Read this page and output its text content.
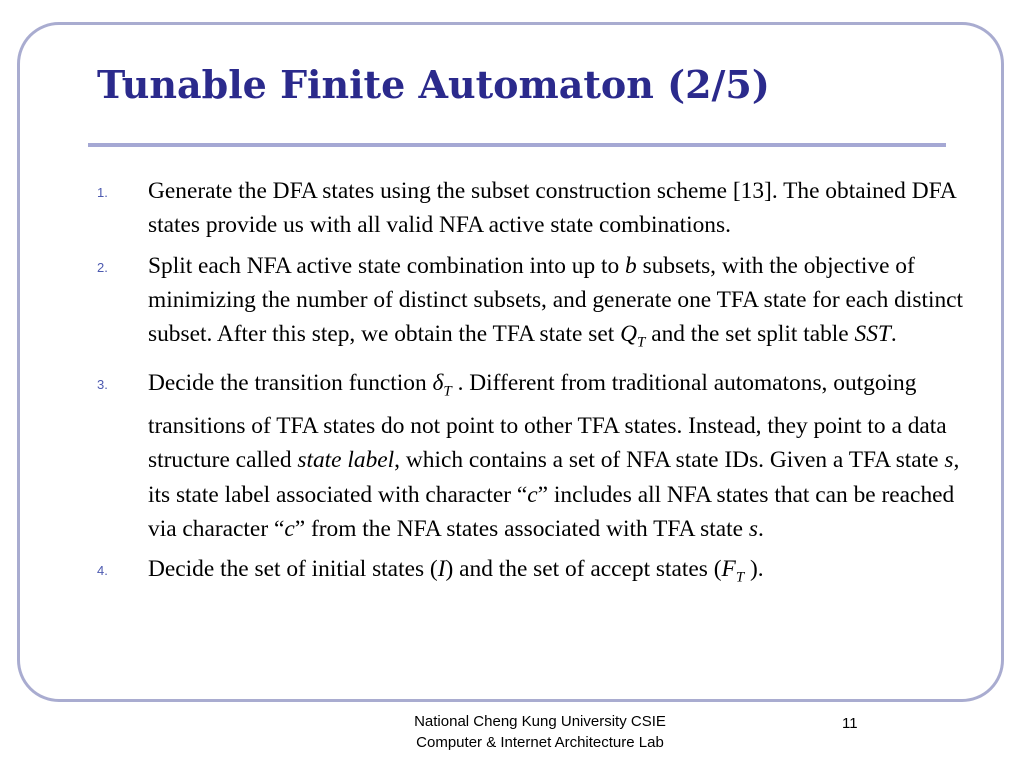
Tunable Finite Automaton (2/5)
1.	Generate the DFA states using the subset construction scheme [13]. The obtained DFA states provide us with all valid NFA active state combinations.
2.	Split each NFA active state combination into up to b subsets, with the objective of minimizing the number of distinct subsets, and generate one TFA state for each distinct subset. After this step, we obtain the TFA state set $Q_T$ and the set split table SST.
3.	Decide the transition function $\delta_T$ . Different from traditional automatons, outgoing transitions of TFA states do not point to other TFA states. Instead, they point to a data structure called state label, which contains a set of NFA state IDs. Given a TFA state s, its state label associated with character “c” includes all NFA states that can be reached via character “c” from the NFA states associated with TFA state s.
4.	Decide the set of initial states (I) and the set of accept states ($F_T$ ).
National Cheng Kung University CSIE
Computer & Internet Architecture Lab
11
